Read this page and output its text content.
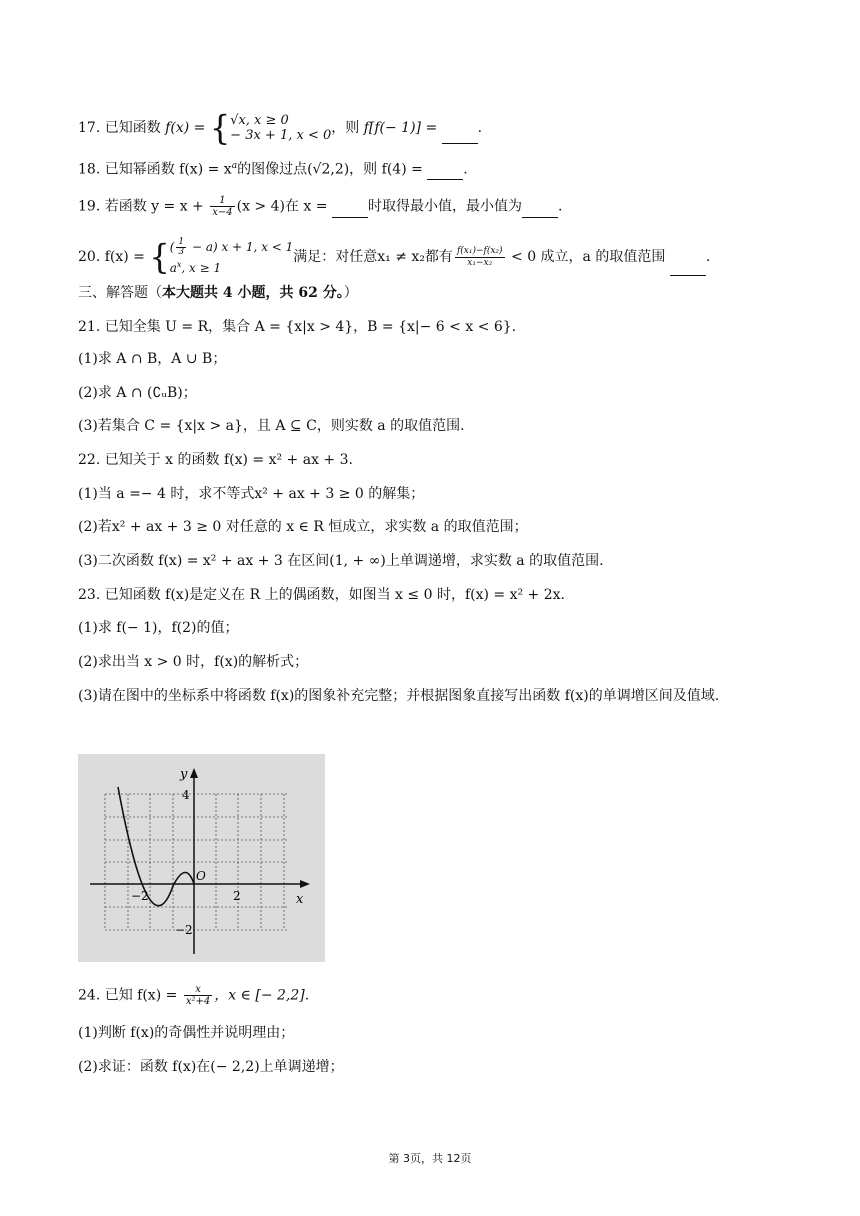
17. 已知函数 f(x) = { √x, x ≥ 0
− 3x + 1, x < 0 ，则 f[f(− 1)] =	.
18. 已知幂函数 $f(x) = x^a$的图像过点(√2,2)，则 f(4) =	.
19. 若函数 $y = x + \frac{1}{x-4} (x > 4)$在 x =	时取得最小值，最小值为	.
20. f(x) = { ( $\frac{1}{3} - a$) x + 1, x < 1
$a^x$, x ≥ 1
满足：对任意x₁ ≠ x₂都有 $\frac{\text{f(x₁)−f(x₂)}}{\text{x₁−x₂}} < 0$ 成立，a 的取值范围	.
三、解答题（本大题共 4 小题，共 62 分。）
21. 已知全集 U = R，集合 A = {x|x > 4}，B = {x|− 6 < x < 6}.
(1)求 A ∩ B，A ∪ B；
(2)求 A ∩ (∁ᵤB)；
(3)若集合 C = {x|x > a}，且 A ⊆ C，则实数 a 的取值范围.
22. 已知关于 x 的函数 f(x) = x² + ax + 3.
(1)当 a =− 4 时，求不等式x² + ax + 3 ≥ 0 的解集；
(2)若x² + ax + 3 ≥ 0 对任意的 x ∈ R 恒成立，求实数 a 的取值范围；
(3)二次函数 f(x) = x² + ax + 3 在区间(1, + ∞)上单调递增，求实数 a 的取值范围.
23. 已知函数 f(x)是定义在 R 上的偶函数，如图当 x ≤ 0 时，f(x) = x² + 2x.
(1)求 f(− 1)，f(2)的值；
(2)求出当 x > 0 时，f(x)的解析式；
(3)请在图中的坐标系中将函数 f(x)的图象补充完整；并根据图象直接写出函数 f(x)的单调增区间及值域.
y
x
O
4
2
−2
−2
24. 已知 $f(x) = \frac{x}{\text{x²+4}}$ ，x ∈ [− 2,2].
(1)判断 f(x)的奇偶性并说明理由；
(2)求证：函数 f(x)在(− 2,2)上单调递增；
第 3页，共 12页
